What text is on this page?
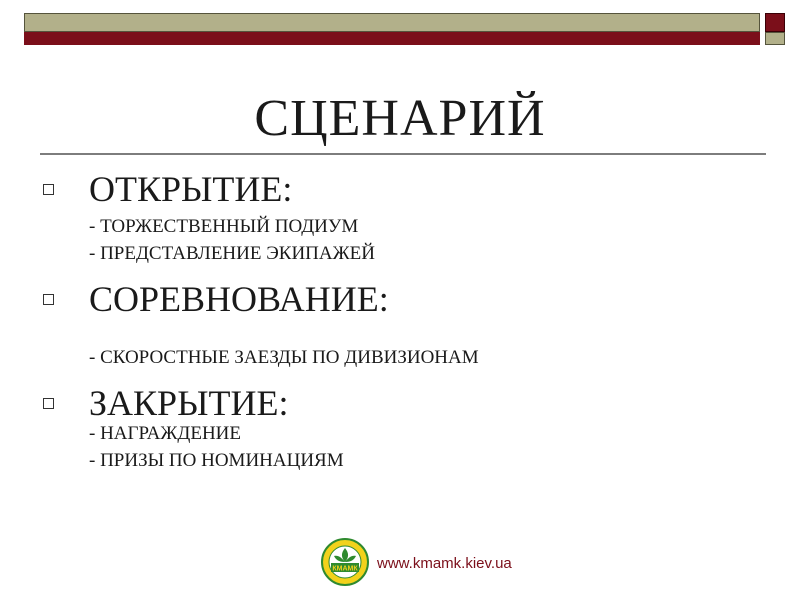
СЦЕНАРИЙ
ОТКРЫТИЕ:
- ТОРЖЕСТВЕННЫЙ ПОДИУМ
- ПРЕДСТАВЛЕНИЕ ЭКИПАЖЕЙ
СОРЕВНОВАНИЕ:
- СКОРОСТНЫЕ ЗАЕЗДЫ ПО ДИВИЗИОНАМ
ЗАКРЫТИЕ:
- НАГРАЖДЕНИЕ
- ПРИЗЫ ПО НОМИНАЦИЯМ
КМАМК www.kmamk.kiev.ua
